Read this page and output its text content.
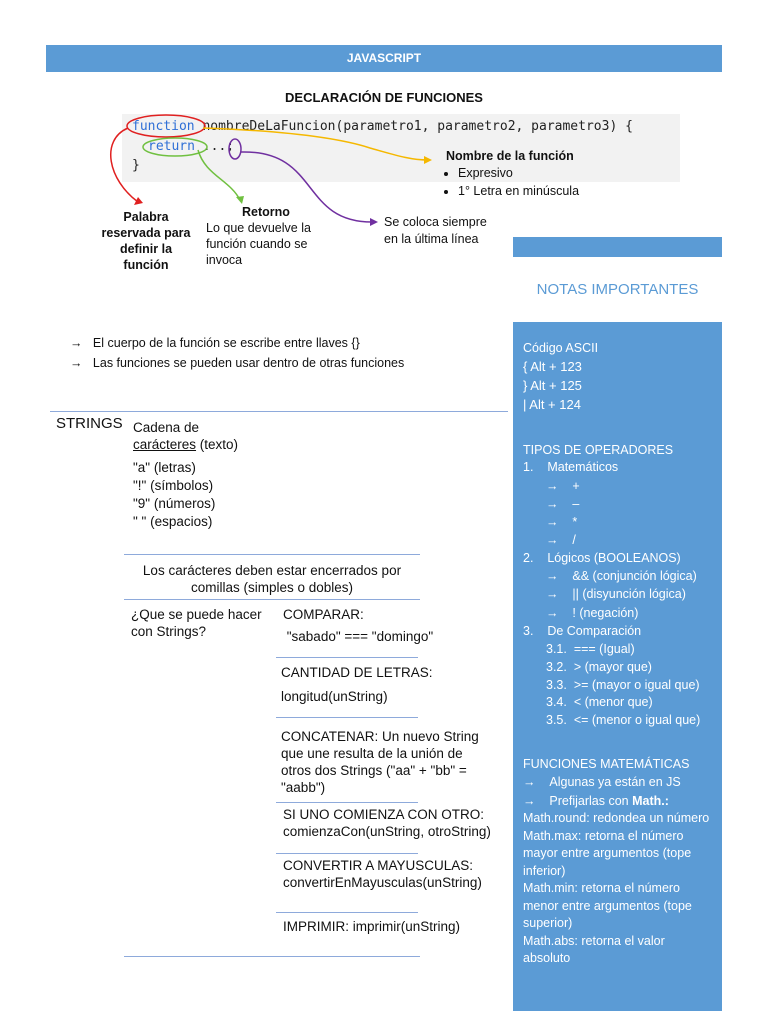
JAVASCRIPT
DECLARACIÓN DE FUNCIONES
function nombreDeLaFuncion(parametro1, parametro2, parametro3) {
return ...;
}
Palabra
reservada para
definir la
función
Retorno
Lo que devuelve la
función cuando se
invoca
Se coloca siempre
en la última línea
Nombre de la función
• Expresivo
• 1° Letra en minúscula
NOTAS IMPORTANTES
→   El cuerpo de la función se escribe entre llaves {}
→   Las funciones se pueden usar dentro de otras funciones
STRINGS Cadena de
carácteres (texto)
"a" (letras)
"!" (símbolos)
"9" (números)
" " (espacios)
Los carácteres deben estar encerrados por
comillas (simples o dobles)
¿Que se puede hacer
con Strings?
COMPARAR:
"sabado" === "domingo"
CANTIDAD DE LETRAS:
longitud(unString)
CONCATENAR: Un nuevo String
que une resulta de la unión de
otros dos Strings ("aa" + "bb" =
"aabb")
SI UNO COMIENZA CON OTRO:
comienzaCon(unString, otroString)
CONVERTIR A MAYUSCULAS:
convertirEnMayusculas(unString)
IMPRIMIR: imprimir(unString)
Código ASCII
{ Alt + 123
} Alt + 125
| Alt + 124
TIPOS DE OPERADORES
1.    Matemáticos
→    +
→    –
→    *
→    /
2.    Lógicos (BOOLEANOS)
→    && (conjunción lógica)
→    || (disyunción lógica)
→    ! (negación)
3.    De Comparación
3.1. === (Igual)
3.2. > (mayor que)
3.3. >= (mayor o igual que)
3.4. < (menor que)
3.5. <= (menor o igual que)
FUNCIONES MATEMÁTICAS
→    Algunas ya están en JS
→    Prefijarlas con Math.:
Math.round: redondea un número
Math.max: retorna el número mayor entre argumentos (tope inferior)
Math.min: retorna el número menor entre argumentos (tope superior)
Math.abs: retorna el valor absoluto
